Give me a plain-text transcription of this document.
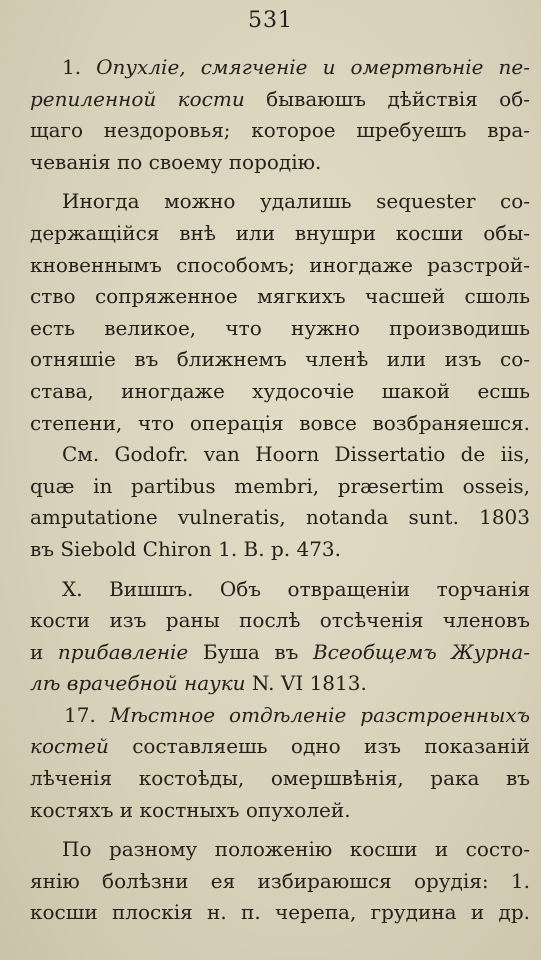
531
1. Опухліе, смягченіе и омертвѣніе пе-
репиленной кости бываюшъ дѣйствія об-
щаго нездоровья; которое шребуешъ вра-
чеванія по своему породію.
Иногда можно удалишь sequester со-
держащійся внѣ или внушри косши обы-
кновеннымъ способомъ; иногдаже разстрой-
ство сопряженное мягкихъ часшей сшоль
есть великое, что нужно производишь
отняшіе въ ближнемъ членѣ или изъ со-
става, иногдаже худосочіе шакой есшь
степени, что операція вовсе возбраняешся.
См. Godofr. van Hoorn Dissertatio de iis,
quæ in partibus membri, præsertim osseis,
amputatione vulneratis, notanda sunt. 1803
въ Siebold Chiron 1. B. p. 473.
Х. Вишшъ. Объ отвращеніи торчанія
кости изъ раны послѣ отсѣченія членовъ
и прибавленіе Буша въ Всеобщемъ Журна-
лѣ врачебной науки N. VI 1813.
17. Мѣстное отдѣленіе разстроенныхъ
костей составляешь одно изъ показаній
лѣченія костоѣды, омершвѣнія, рака въ
костяхъ и костныхъ опухолей.
По разному положенію косши и состо-
янію болѣзни ея избираюшся орудія: 1.
косши плоскія н. п. черепа, грудина и др.
